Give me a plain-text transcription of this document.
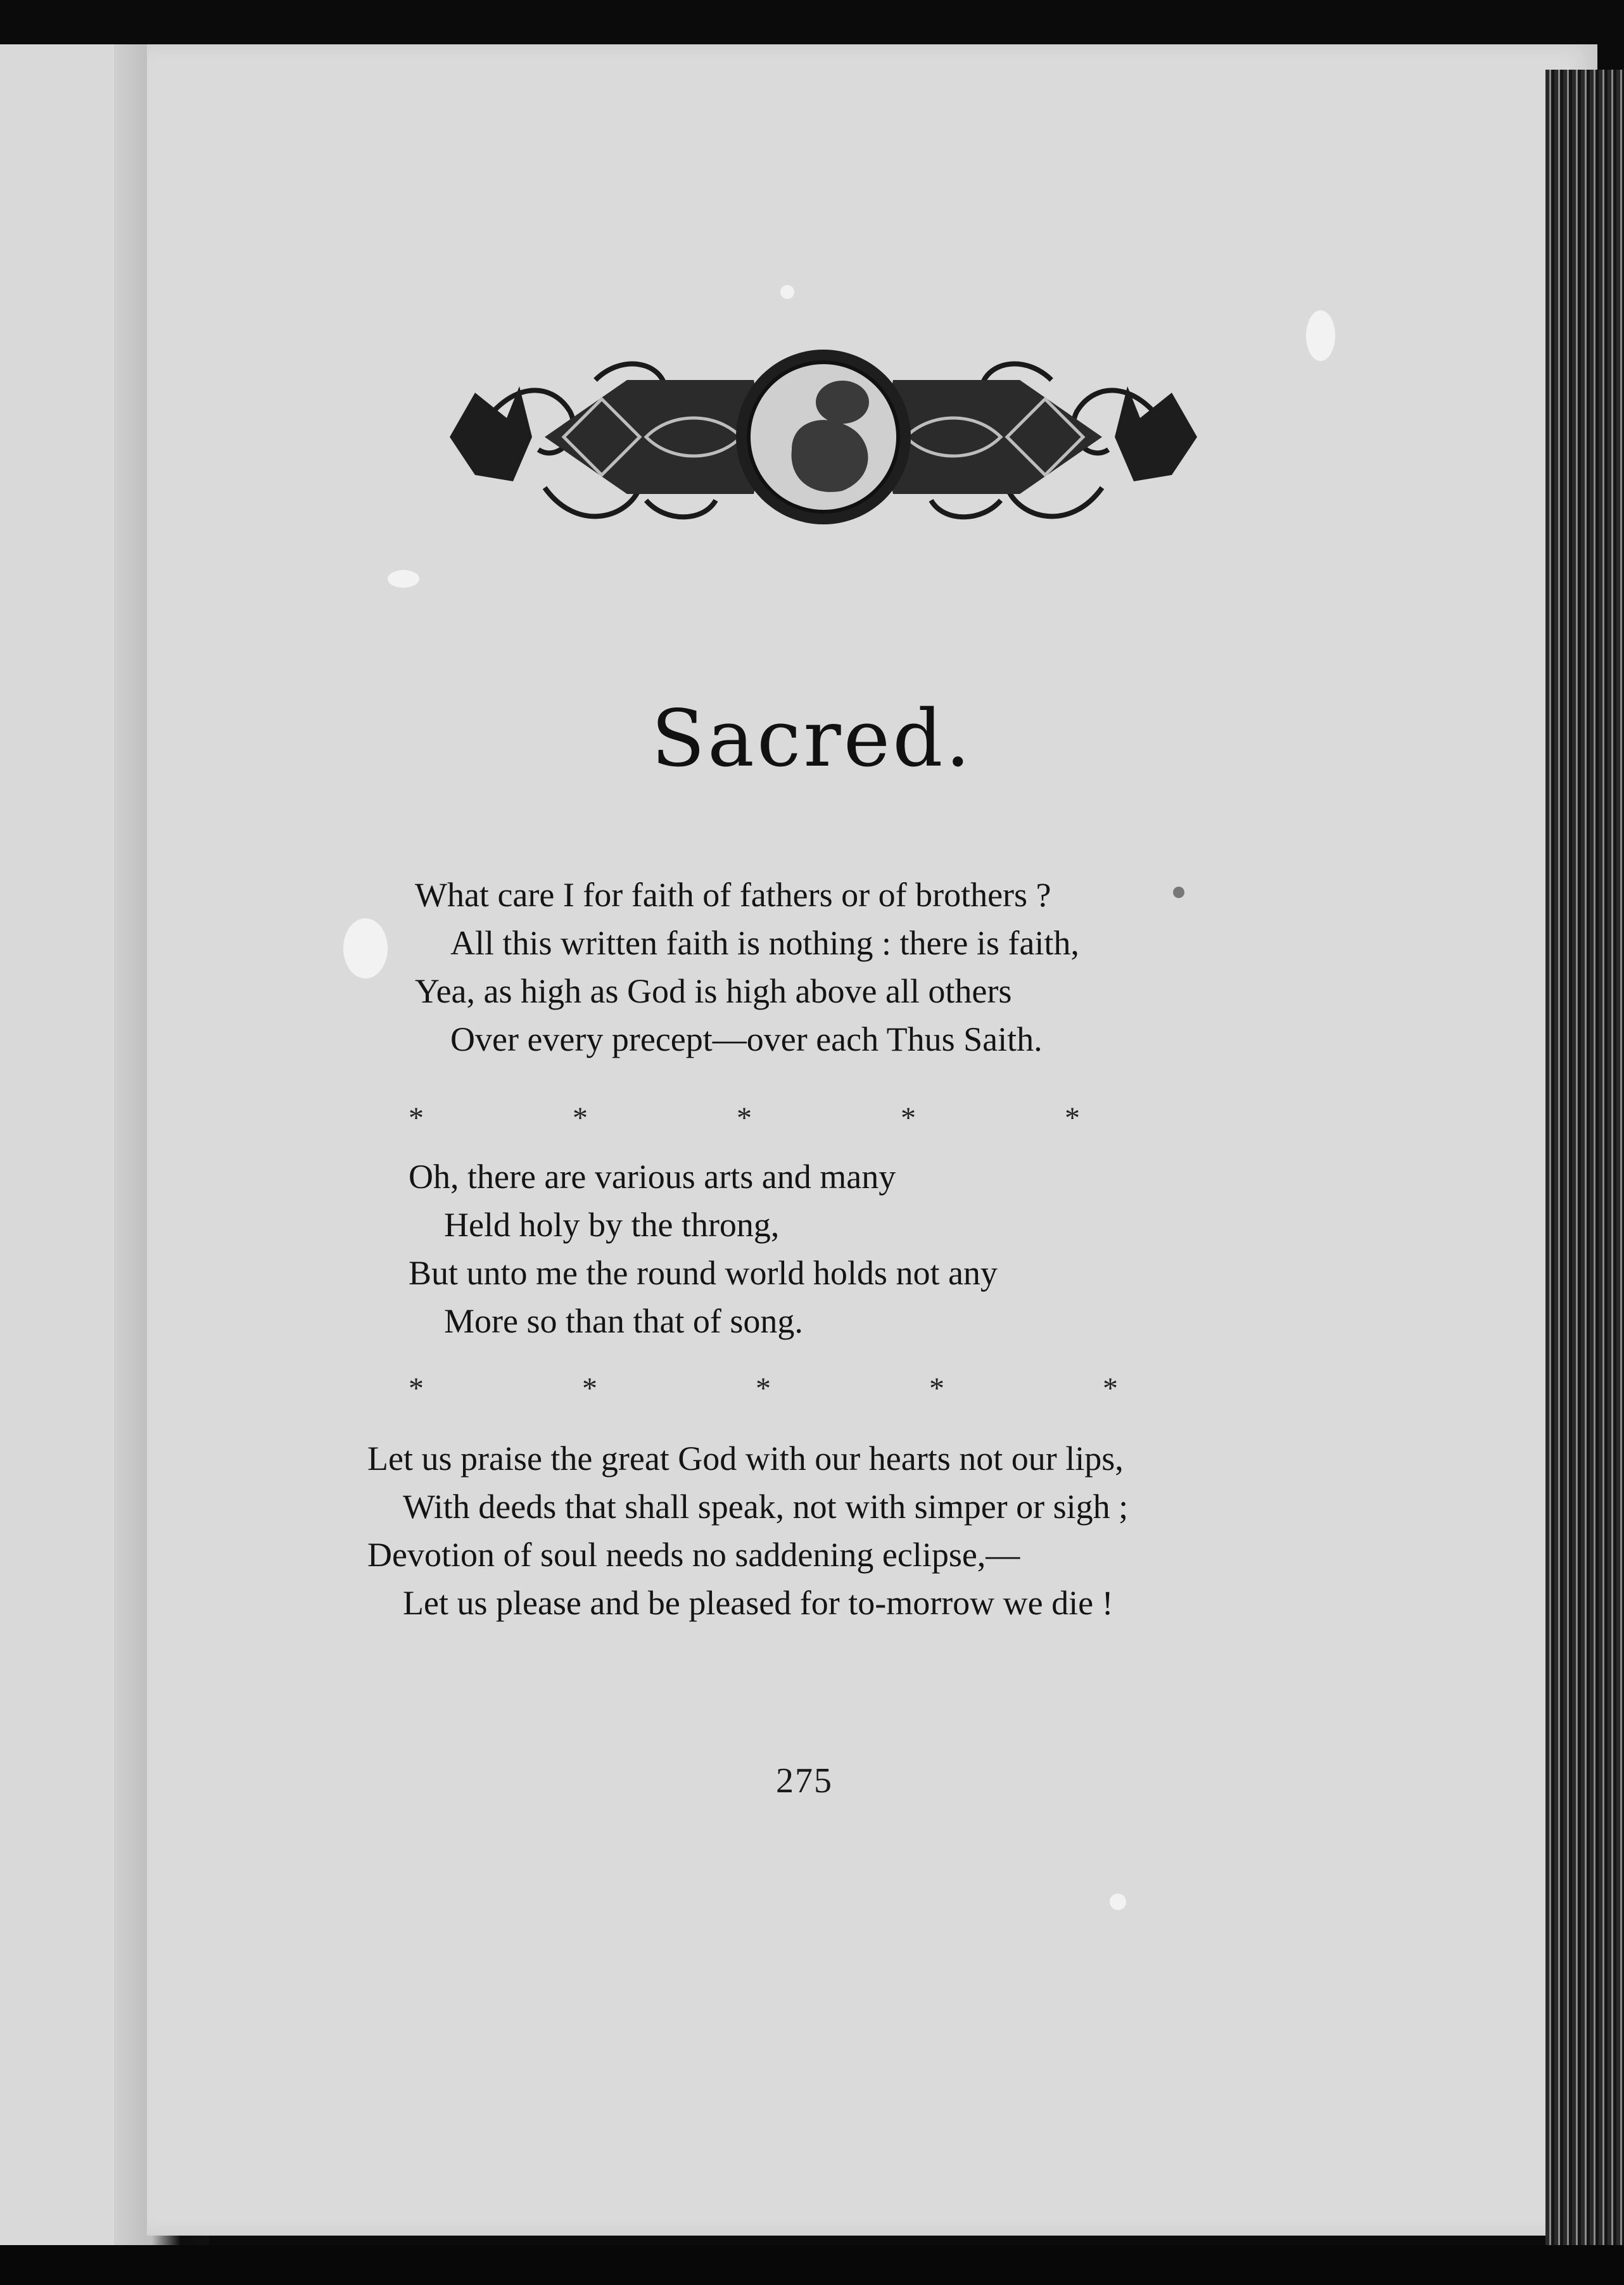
Sacred.
What care I for faith of fathers or of brothers ?
All this written faith is nothing : there is faith,
Yea, as high as God is high above all others
Over every precept—over each Thus Saith.
*	*	*	*	*
Oh, there are various arts and many
Held holy by the throng,
But unto me the round world holds not any
More so than that of song.
*	*	*	*	*
Let us praise the great God with our hearts not our lips,
With deeds that shall speak, not with simper or sigh ;
Devotion of soul needs no saddening eclipse,—
Let us please and be pleased for to-morrow we die !
275
